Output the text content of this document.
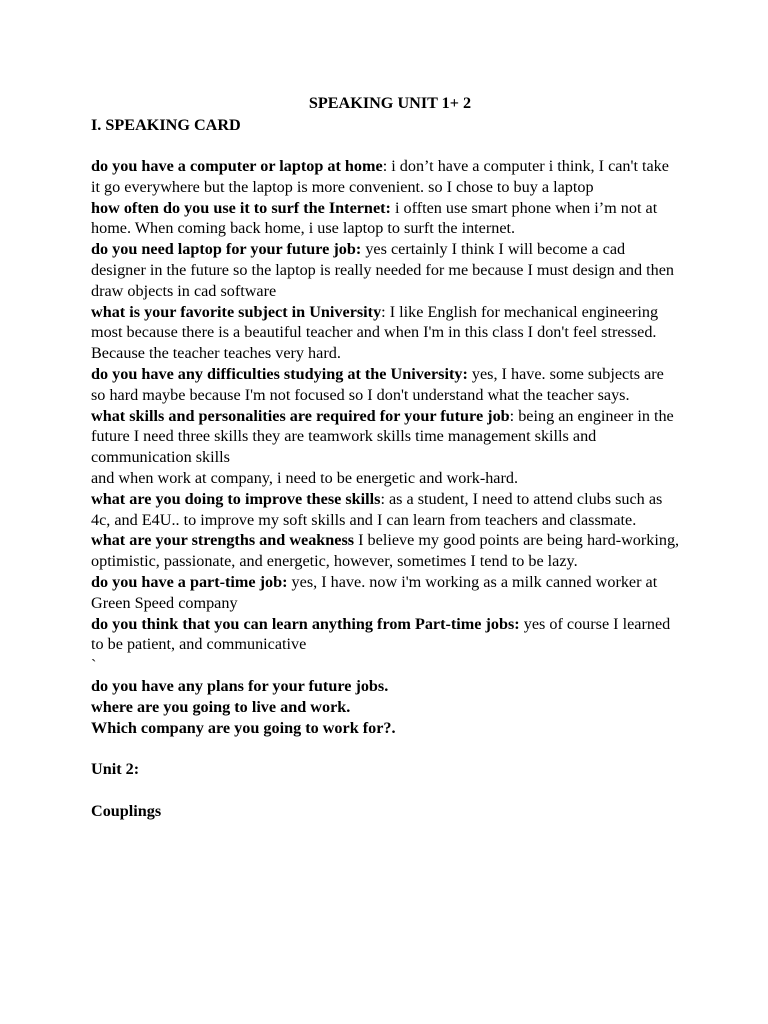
SPEAKING UNIT 1+ 2
I. SPEAKING CARD

do you have a computer or laptop at home: i don’t have a computer i think, I can't take it go everywhere but the laptop is more convenient. so I chose to buy a laptop

how often do you use it to surf the Internet: i offten use smart phone when i’m not at home. When coming back home, i use laptop to surft the internet.

do you need laptop for your future job: yes certainly I think I will become a cad designer in the future so the laptop is really needed for me because I must design and then draw objects in cad software

what is your favorite subject in University: I like English for mechanical engineering most because there is a beautiful teacher and when I'm in this class I don't feel stressed. Because the teacher teaches very hard.

do you have any difficulties studying at the University: yes, I have. some subjects are so hard maybe because I'm not focused so I don't understand what the teacher says.

what skills and personalities are required for your future job: being an engineer in the future I need three skills they are teamwork skills time management skills and communication skills

and when work at company, i need to be energetic and work-hard.

what are you doing to improve these skills: as a student, I need to attend clubs such as 4c, and E4U.. to improve my soft skills and I can learn from teachers and classmate.

what are your strengths and weakness I believe my good points are being hard-working, optimistic, passionate, and energetic, however, sometimes I tend to be lazy.

do you have a part-time job: yes, I have. now i'm working as a milk canned worker at Green Speed company

do you think that you can learn anything from Part-time jobs: yes of course I learned to be patient, and communicative

`

do you have any plans for your future jobs.

where are you going to live and work.

Which company are you going to work for?.

Unit 2:

Couplings
